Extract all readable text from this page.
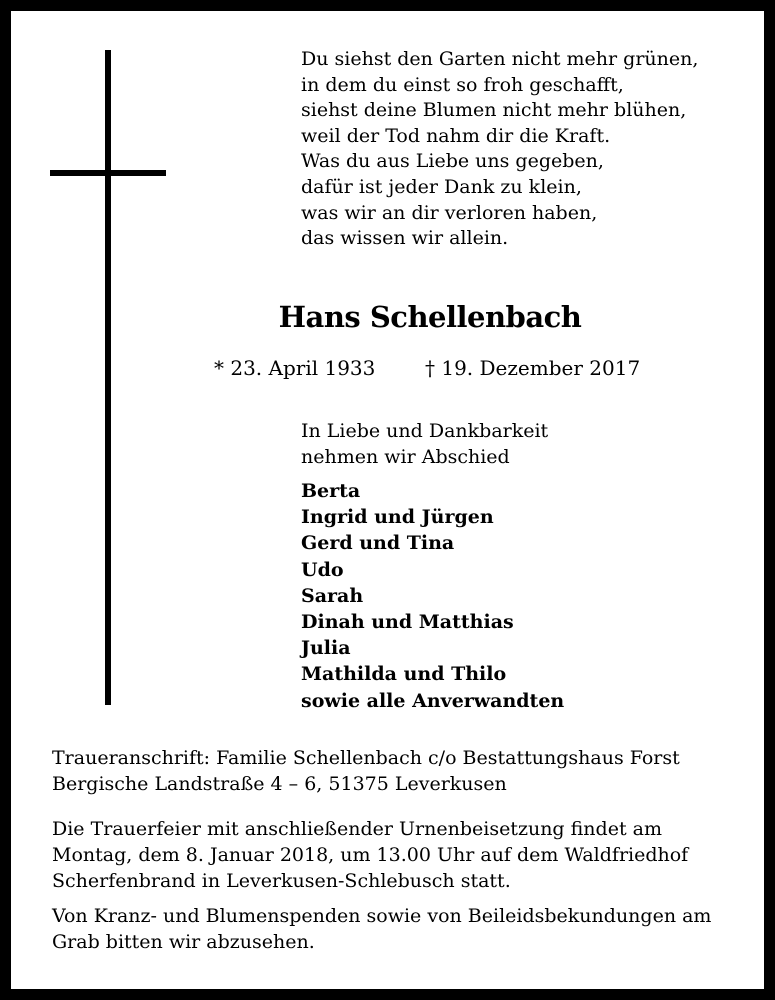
Du siehst den Garten nicht mehr grünen,
in dem du einst so froh geschafft,
siehst deine Blumen nicht mehr blühen,
weil der Tod nahm dir die Kraft.
Was du aus Liebe uns gegeben,
dafür ist jeder Dank zu klein,
was wir an dir verloren haben,
das wissen wir allein.
Hans Schellenbach
* 23. April 1933 † 19. Dezember 2017
In Liebe und Dankbarkeit
nehmen wir Abschied
Berta
Ingrid und Jürgen
Gerd und Tina
Udo
Sarah
Dinah und Matthias
Julia
Mathilda und Thilo
sowie alle Anverwandten
Traueranschrift: Familie Schellenbach c/o Bestattungshaus Forst
Bergische Landstraße 4 – 6, 51375 Leverkusen
Die Trauerfeier mit anschließender Urnenbeisetzung findet am
Montag, dem 8. Januar 2018, um 13.00 Uhr auf dem Waldfriedhof
Scherfenbrand in Leverkusen-Schlebusch statt.
Von Kranz- und Blumenspenden sowie von Beileidsbekundungen am
Grab bitten wir abzusehen.
